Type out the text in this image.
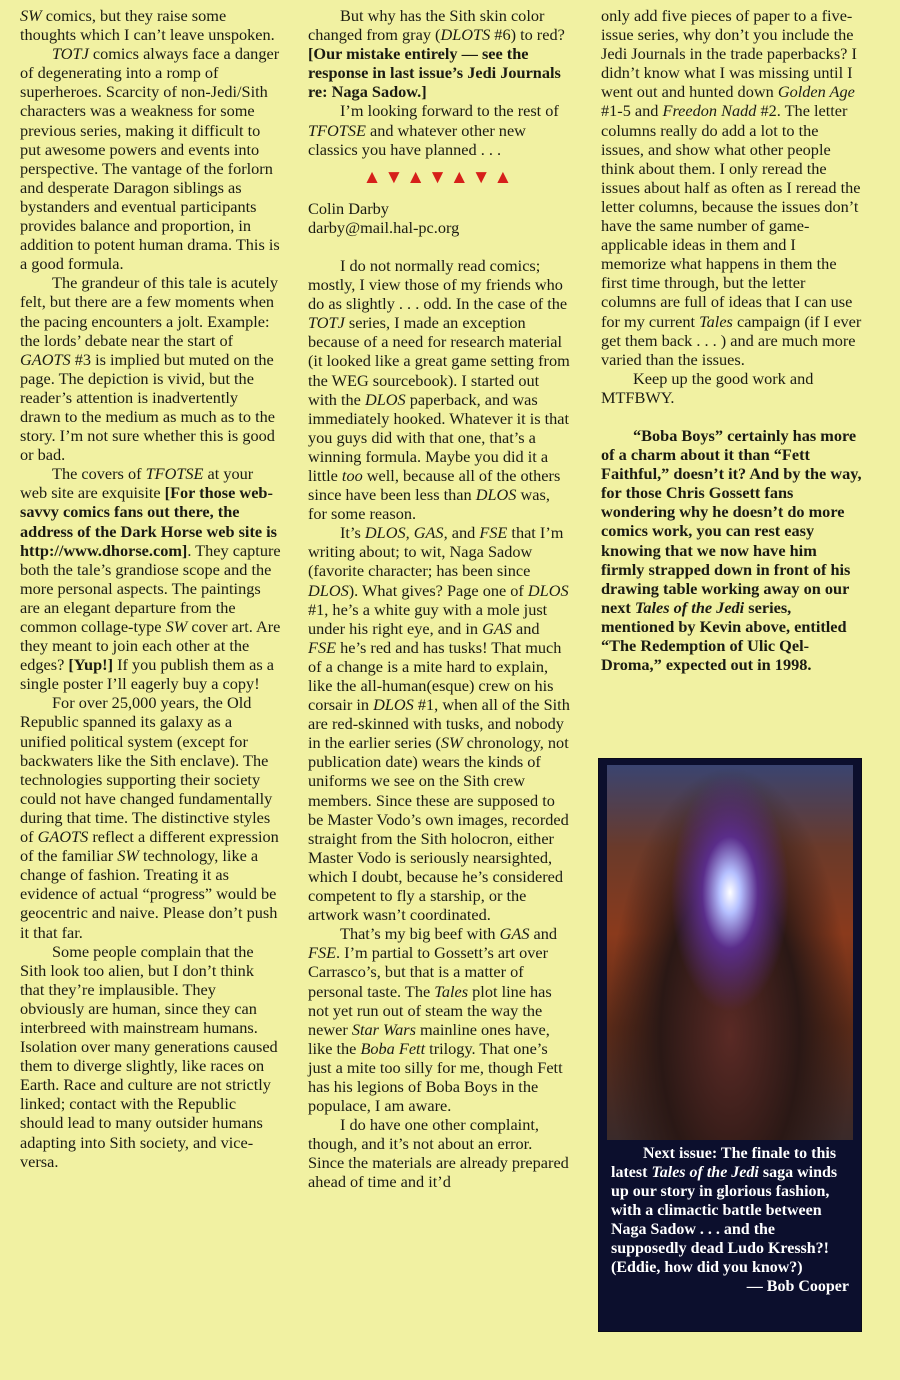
SW comics, but they raise some thoughts which I can’t leave unspoken.

TOTJ comics always face a danger of degenerating into a romp of superheroes. Scarcity of non-Jedi/Sith characters was a weakness for some previous series, making it difficult to put awesome powers and events into perspective. The vantage of the forlorn and desperate Daragon siblings as bystanders and eventual participants provides balance and proportion, in addition to potent human drama. This is a good formula.

The grandeur of this tale is acutely felt, but there are a few moments when the pacing encounters a jolt. Example: the lords’ debate near the start of GAOTS #3 is implied but muted on the page. The depiction is vivid, but the reader’s attention is inadvertently drawn to the medium as much as to the story. I’m not sure whether this is good or bad.

The covers of TFOTSE at your web site are exquisite [For those web-savvy comics fans out there, the address of the Dark Horse web site is http://www.dhorse.com]. They capture both the tale’s grandiose scope and the more personal aspects. The paintings are an elegant departure from the common collage-type SW cover art. Are they meant to join each other at the edges? [Yup!] If you publish them as a single poster I’ll eagerly buy a copy!

For over 25,000 years, the Old Republic spanned its galaxy as a unified political system (except for backwaters like the Sith enclave). The technologies supporting their society could not have changed fundamentally during that time. The distinctive styles of GAOTS reflect a different expression of the familiar SW technology, like a change of fashion. Treating it as evidence of actual “progress” would be geocentric and naive. Please don’t push it that far.

Some people complain that the Sith look too alien, but I don’t think that they’re implausible. They obviously are human, since they can interbreed with mainstream humans. Isolation over many generations caused them to diverge slightly, like races on Earth. Race and culture are not strictly linked; contact with the Republic should lead to many outsider humans adapting into Sith society, and vice-versa.

But why has the Sith skin color changed from gray (DLOTS #6) to red? [Our mistake entirely — see the response in last issue’s Jedi Journals re: Naga Sadow.]

I’m looking forward to the rest of TFOTSE and whatever other new classics you have planned . . .

▲▼▲▼▲▼▲

Colin Darby

darby@mail.hal-pc.org

I do not normally read comics; mostly, I view those of my friends who do as slightly . . . odd. In the case of the TOTJ series, I made an exception because of a need for research material (it looked like a great game setting from the WEG sourcebook). I started out with the DLOS paperback, and was immediately hooked. Whatever it is that you guys did with that one, that’s a winning formula. Maybe you did it a little too well, because all of the others since have been less than DLOS was, for some reason.

It’s DLOS, GAS, and FSE that I’m writing about; to wit, Naga Sadow (favorite character; has been since DLOS). What gives? Page one of DLOS #1, he’s a white guy with a mole just under his right eye, and in GAS and FSE he’s red and has tusks! That much of a change is a mite hard to explain, like the all-human(esque) crew on his corsair in DLOS #1, when all of the Sith are red-skinned with tusks, and nobody in the earlier series (SW chronology, not publication date) wears the kinds of uniforms we see on the Sith crew members. Since these are supposed to be Master Vodo’s own images, recorded straight from the Sith holocron, either Master Vodo is seriously nearsighted, which I doubt, because he’s considered competent to fly a starship, or the artwork wasn’t coordinated.

That’s my big beef with GAS and FSE. I’m partial to Gossett’s art over Carrasco’s, but that is a matter of personal taste. The Tales plot line has not yet run out of steam the way the newer Star Wars mainline ones have, like the Boba Fett trilogy. That one’s just a mite too silly for me, though Fett has his legions of Boba Boys in the populace, I am aware.

I do have one other complaint, though, and it’s not about an error. Since the materials are already prepared ahead of time and it’d

only add five pieces of paper to a five-issue series, why don’t you include the Jedi Journals in the trade paperbacks? I didn’t know what I was missing until I went out and hunted down Golden Age #1-5 and Freedon Nadd #2. The letter columns really do add a lot to the issues, and show what other people think about them. I only reread the issues about half as often as I reread the letter columns, because the issues don’t have the same number of game-applicable ideas in them and I memorize what happens in them the first time through, but the letter columns are full of ideas that I can use for my current Tales campaign (if I ever get them back . . . ) and are much more varied than the issues.

Keep up the good work and MTFBWY.

“Boba Boys” certainly has more of a charm about it than “Fett Faithful,” doesn’t it? And by the way, for those Chris Gossett fans wondering why he doesn’t do more comics work, you can rest easy knowing that we now have him firmly strapped down in front of his drawing table working away on our next Tales of the Jedi series, mentioned by Kevin above, entitled “The Redemption of Ulic Qel-Droma,” expected out in 1998.

Next issue: The finale to this latest Tales of the Jedi saga winds up our story in glorious fashion, with a climactic battle between Naga Sadow . . . and the supposedly dead Ludo Kressh?! (Eddie, how did you know?)
— Bob Cooper
